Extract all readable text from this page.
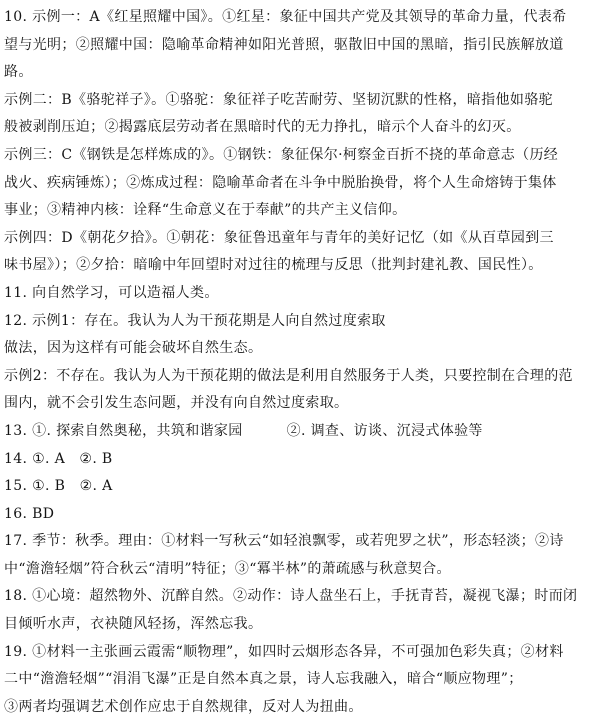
10. 示例一：A《红星照耀中国》。①红星：象征中国共产党及其领导的革命力量，代表希
望与光明；②照耀中国：隐喻革命精神如阳光普照，驱散旧中国的黑暗，指引民族解放道
路。
示例二：B《骆驼祥子》。①骆驼：象征祥子吃苦耐劳、坚韧沉默的性格，暗指他如骆驼
般被剥削压迫；②揭露底层劳动者在黑暗时代的无力挣扎，暗示个人奋斗的幻灭。
示例三：C《钢铁是怎样炼成的》。①钢铁：象征保尔·柯察金百折不挠的革命意志（历经
战火、疾病锤炼）；②炼成过程：隐喻革命者在斗争中脱胎换骨，将个人生命熔铸于集体
事业；③精神内核：诠释“生命意义在于奉献”的共产主义信仰。
示例四：D《朝花夕拾》。①朝花：象征鲁迅童年与青年的美好记忆（如《从百草园到三
味书屋》）；②夕拾：暗喻中年回望时对过往的梳理与反思（批判封建礼教、国民性）。
11. 向自然学习，可以造福人类。
12. 示例1：存在。我认为人为干预花期是人向自然过度索取
做法，因为这样有可能会破坏自然生态。
示例2：不存在。我认为人为干预花期的做法是利用自然服务于人类，只要控制在合理的范
围内，就不会引发生态问题，并没有向自然过度索取。
13. ①. 探索自然奥秘，共筑和谐家园	②. 调查、访谈、沉浸式体验等
14. ①. A　②. B
15. ①. B　②. A
16. BD
17. 季节：秋季。理由：①材料一写秋云“如轻浪飘零，或若兜罗之状”，形态轻淡；②诗
中“澹澹轻烟”符合秋云“清明”特征；③“冪半林”的萧疏感与秋意契合。
18. ①心境：超然物外、沉醉自然。②动作：诗人盘坐石上，手抚青苔，凝视飞瀑；时而闭
目倾听水声，衣袂随风轻扬，浑然忘我。
19. ①材料一主张画云霞需“顺物理”，如四时云烟形态各异，不可强加色彩失真；②材料
二中“澹澹轻烟”“涓涓飞瀑”正是自然本真之景，诗人忘我融入，暗合“顺应物理”；
③两者均强调艺术创作应忠于自然规律，反对人为扭曲。
